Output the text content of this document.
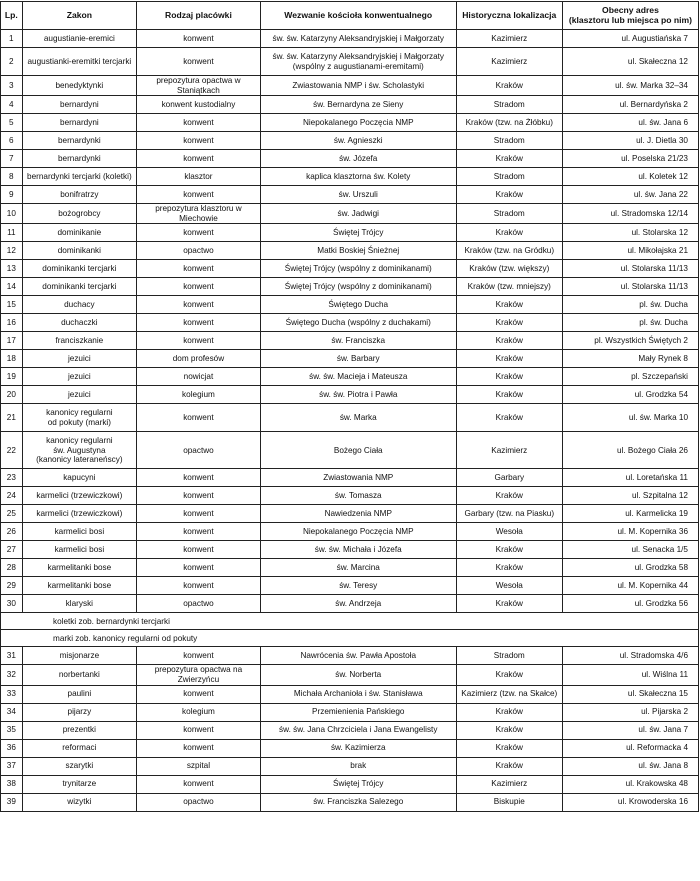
Lp.	Zakon	Rodzaj placówki	Wezwanie kościoła konwentualnego	Historyczna lokalizacja	Obecny adres
(klasztoru lub miejsca po nim)

1	augustianie-eremici	konwent	św. św. Katarzyny Aleksandryjskiej i Małgorzaty	Kazimierz	ul. Augustiańska 7
2	augustianki-eremitki tercjarki	konwent	św. św. Katarzyny Aleksandryjskiej i Małgorzaty
(wspólny z augustianami-eremitami)	Kazimierz	ul. Skałeczna 12
3	benedyktynki	prepozytura opactwa w Staniątkach	Zwiastowania NMP i św. Scholastyki	Kraków	ul. św. Marka 32–34
4	bernardyni	konwent kustodialny	św. Bernardyna ze Sieny	Stradom	ul. Bernardyńska 2
5	bernardyni	konwent	Niepokalanego Poczęcia NMP	Kraków (tzw. na Żłóbku)	ul. św. Jana 6
6	bernardynki	konwent	św. Agnieszki	Stradom	ul. J. Dietla 30
7	bernardynki	konwent	św. Józefa	Kraków	ul. Poselska 21/23
8	bernardynki tercjarki (koletki)	klasztor	kaplica klasztorna św. Kolety	Stradom	ul. Koletek 12
9	bonifratrzy	konwent	św. Urszuli	Kraków	ul. św. Jana 22
10	bożogrobcy	prepozytura klasztoru w Miechowie	św. Jadwigi	Stradom	ul. Stradomska 12/14
11	dominikanie	konwent	Świętej Trójcy	Kraków	ul. Stolarska 12
12	dominikanki	opactwo	Matki Boskiej Śnieżnej	Kraków (tzw. na Gródku)	ul. Mikołajska 21
13	dominikanki tercjarki	konwent	Świętej Trójcy (wspólny z dominikanami)	Kraków (tzw. większy)	ul. Stolarska 11/13
14	dominikanki tercjarki	konwent	Świętej Trójcy (wspólny z dominikanami)	Kraków (tzw. mniejszy)	ul. Stolarska 11/13
15	duchacy	konwent	Świętego Ducha	Kraków	pl. św. Ducha
16	duchaczki	konwent	Świętego Ducha (wspólny z duchakami)	Kraków	pl. św. Ducha
17	franciszkanie	konwent	św. Franciszka	Kraków	pl. Wszystkich Świętych 2
18	jezuici	dom profesów	św. Barbary	Kraków	Mały Rynek 8
19	jezuici	nowicjat	św. św. Macieja i Mateusza	Kraków	pl. Szczepański
20	jezuici	kolegium	św. św. Piotra i Pawła	Kraków	ul. Grodzka 54
21	kanonicy regularni
od pokuty (marki)	konwent	św. Marka	Kraków	ul. św. Marka 10
22	kanonicy regularni
św. Augustyna
(kanonicy lateraneńscy)	opactwo	Bożego Ciała	Kazimierz	ul. Bożego Ciała 26
23	kapucyni	konwent	Zwiastowania NMP	Garbary	ul. Loretańska 11
24	karmelici (trzewiczkowi)	konwent	św. Tomasza	Kraków	ul. Szpitalna 12
25	karmelici (trzewiczkowi)	konwent	Nawiedzenia NMP	Garbary (tzw. na Piasku)	ul. Karmelicka 19
26	karmelici bosi	konwent	Niepokalanego Poczęcia NMP	Wesoła	ul. M. Kopernika 36
27	karmelici bosi	konwent	św. św. Michała i Józefa	Kraków	ul. Senacka 1/5
28	karmelitanki bose	konwent	św. Marcina	Kraków	ul. Grodzka 58
29	karmelitanki bose	konwent	św. Teresy	Wesoła	ul. M. Kopernika 44
30	klaryski	opactwo	św. Andrzeja	Kraków	ul. Grodzka 56
koletki zob. bernardynki tercjarki					
marki zob. kanonicy regularni od pokuty					
31	misjonarze	konwent	Nawrócenia św. Pawła Apostoła	Stradom	ul. Stradomska 4/6
32	norbertanki	prepozytura opactwa na Zwierzyńcu	św. Norberta	Kraków	ul. Wiślna 11
33	paulini	konwent	Michała Archanioła i św. Stanisława	Kazimierz (tzw. na Skałce)	ul. Skałeczna 15
34	pijarzy	kolegium	Przemienienia Pańskiego	Kraków	ul. Pijarska 2
35	prezentki	konwent	św. św. Jana Chrzciciela i Jana Ewangelisty	Kraków	ul. św. Jana 7
36	reformaci	konwent	św. Kazimierza	Kraków	ul. Reformacka 4
37	szarytki	szpital	brak	Kraków	ul. św. Jana 8
38	trynitarze	konwent	Świętej Trójcy	Kazimierz	ul. Krakowska 48
39	wizytki	opactwo	św. Franciszka Salezego	Biskupie	ul. Krowoderska 16
